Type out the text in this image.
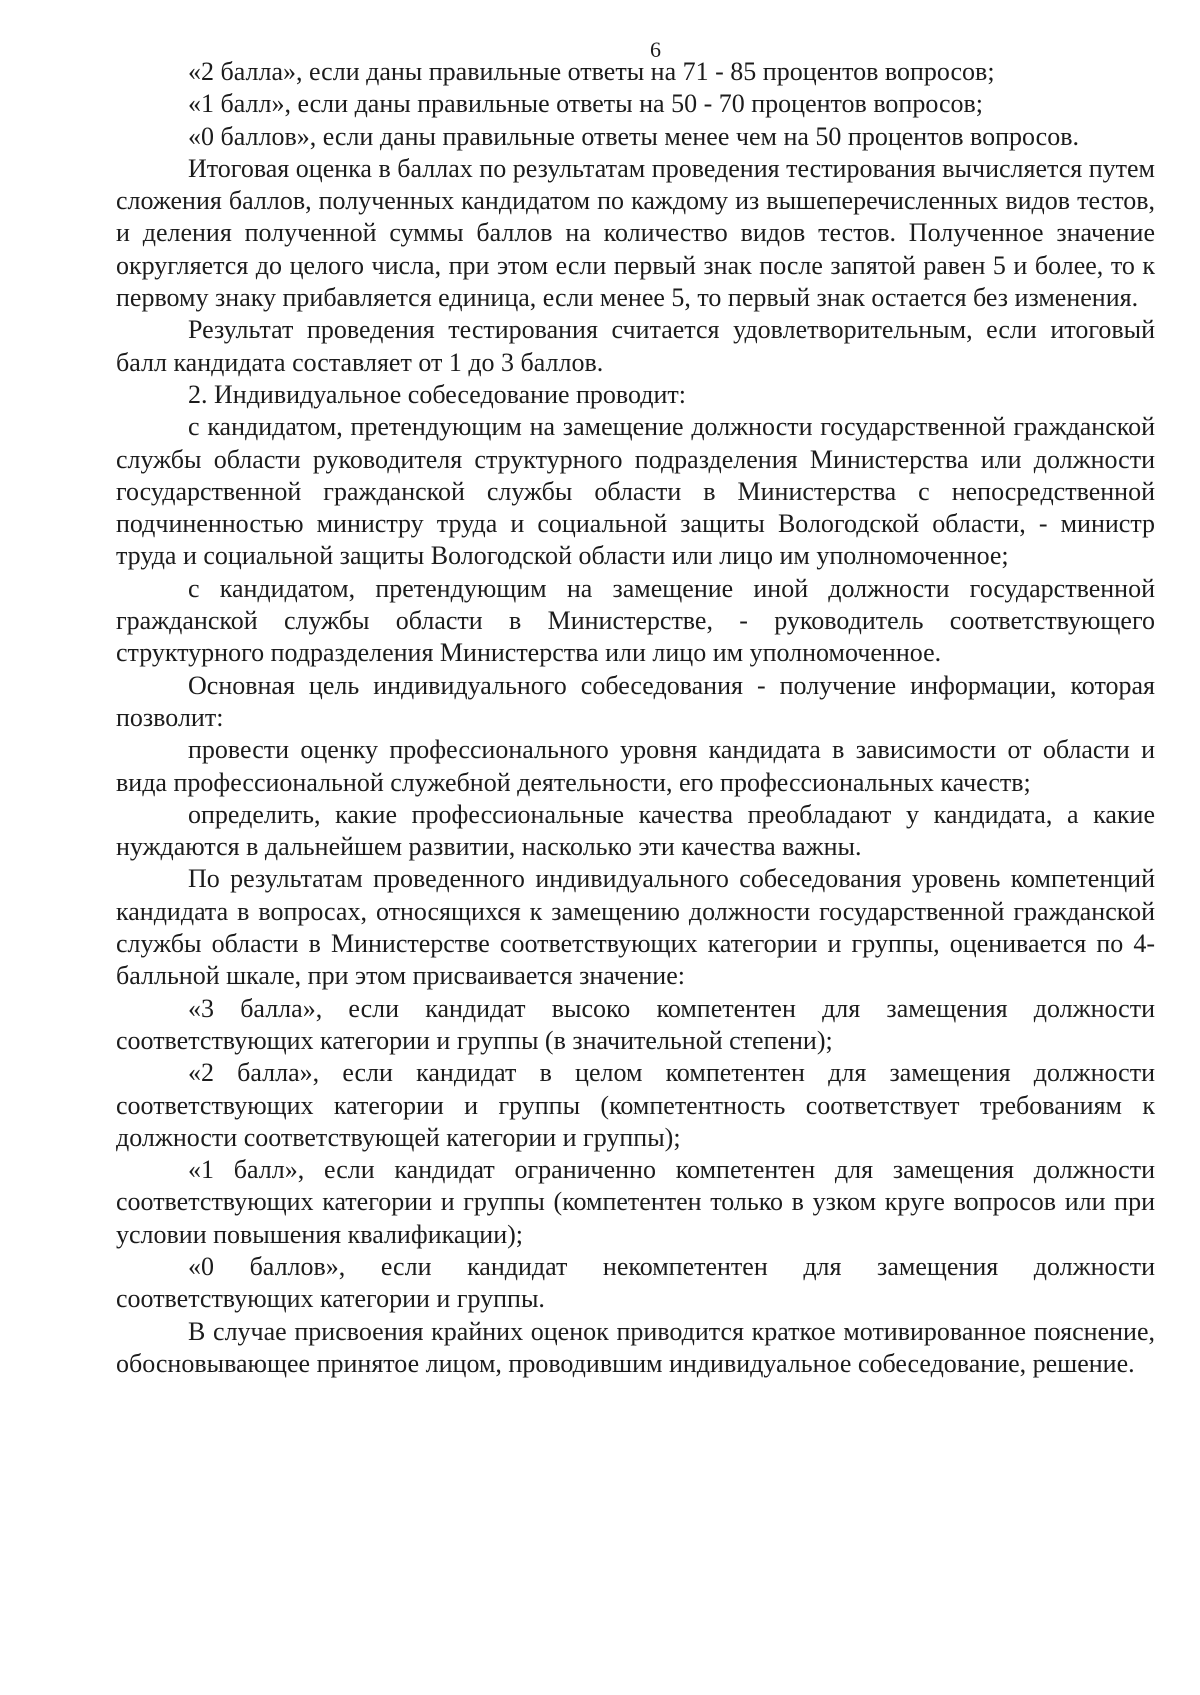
6

«2 балла», если даны правильные ответы на 71 - 85 процентов вопросов;

«1 балл», если даны правильные ответы на 50 - 70 процентов вопросов;

«0 баллов», если даны правильные ответы менее чем на 50 процентов вопросов.

Итоговая оценка в баллах по результатам проведения тестирования вычисляется путем сложения баллов, полученных кандидатом по каждому из вышеперечисленных видов тестов, и деления полученной суммы баллов на количество видов тестов. Полученное значение округляется до целого числа, при этом если первый знак после запятой равен 5 и более, то к первому знаку прибавляется единица, если менее 5, то первый знак остается без изменения.

Результат проведения тестирования считается удовлетворительным, если итоговый балл кандидата составляет от 1 до 3 баллов.

2. Индивидуальное собеседование проводит:

с кандидатом, претендующим на замещение должности государственной гражданской службы области руководителя структурного подразделения Министерства или должности государственной гражданской службы области в Министерства с непосредственной подчиненностью министру труда и социальной защиты Вологодской области, - министр труда и социальной защиты Вологодской области или лицо им уполномоченное;

с кандидатом, претендующим на замещение иной должности государственной гражданской службы области в Министерстве, - руководитель соответствующего структурного подразделения Министерства или лицо им уполномоченное.

Основная цель индивидуального собеседования - получение информации, которая позволит:

провести оценку профессионального уровня кандидата в зависимости от области и вида профессиональной служебной деятельности, его профессиональных качеств;

определить, какие профессиональные качества преобладают у кандидата, а какие нуждаются в дальнейшем развитии, насколько эти качества важны.

По результатам проведенного индивидуального собеседования уровень компетенций кандидата в вопросах, относящихся к замещению должности государственной гражданской службы области в Министерстве соответствующих категории и группы, оценивается по 4-балльной шкале, при этом присваивается значение:

«3 балла», если кандидат высоко компетентен для замещения должности соответствующих категории и группы (в значительной степени);

«2 балла», если кандидат в целом компетентен для замещения должности соответствующих категории и группы (компетентность соответствует требованиям к должности соответствующей категории и группы);

«1 балл», если кандидат ограниченно компетентен для замещения должности соответствующих категории и группы (компетентен только в узком круге вопросов или при условии повышения квалификации);

«0 баллов», если кандидат некомпетентен для замещения должности соответствующих категории и группы.

В случае присвоения крайних оценок приводится краткое мотивированное пояснение, обосновывающее принятое лицом, проводившим индивидуальное собеседование, решение.
